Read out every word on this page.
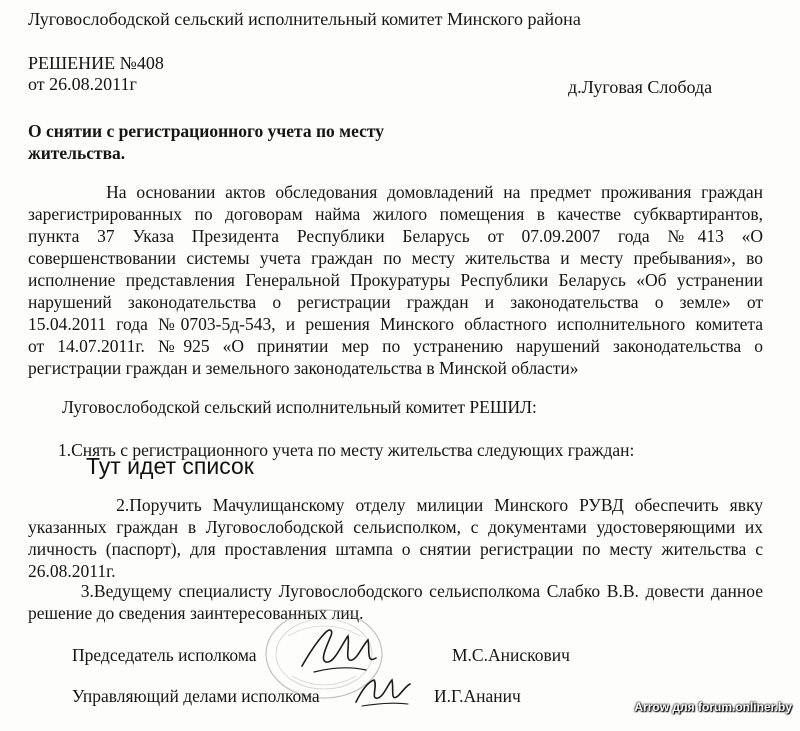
Луговослободской сельский исполнительный комитет Минского района
РЕШЕНИЕ №408
от 26.08.2011г	д.Луговая Слобода
О снятии с регистрационного учета по месту
жительства.
На основании актов обследования домовладений на предмет проживания граждан
зарегистрированных по договорам найма жилого помещения в качестве субквартирантов,
пункта 37 Указа Президента Республики Беларусь от 07.09.2007 года №413 «О
совершенствовании системы учета граждан по месту жительства и месту пребывания», во
исполнение представления Генеральной Прокуратуры Республики Беларусь «Об устранении
нарушений законодательства о регистрации граждан и законодательства о земле» от
15.04.2011 года №0703-5д-543, и решения Минского областного исполнительного комитета
от 14.07.2011г. №925 «О принятии мер по устранению нарушений законодательства о
регистрации граждан и земельного законодательства в Минской области»
Луговослободской сельский исполнительный комитет РЕШИЛ:
1.Снять с регистрационного учета по месту жительства следующих граждан:
Тут идет список
2.Поручить Мачулищанскому отделу милиции Минского РУВД обеспечить явку
указанных граждан в Луговослободской сельисполком, с документами удостоверяющими их
личность (паспорт), для проставления штампа о снятии регистрации по месту жительства с
26.08.2011г.
3.Ведущему специалисту Луговослободского сельисполкома Слабко В.В. довести данное
решение до сведения заинтересованных лиц.
Председатель исполкома	М.С.Анискович
Управляющий делами исполкома	И.Г.Ананич
Arrow для forum.onliner.by
